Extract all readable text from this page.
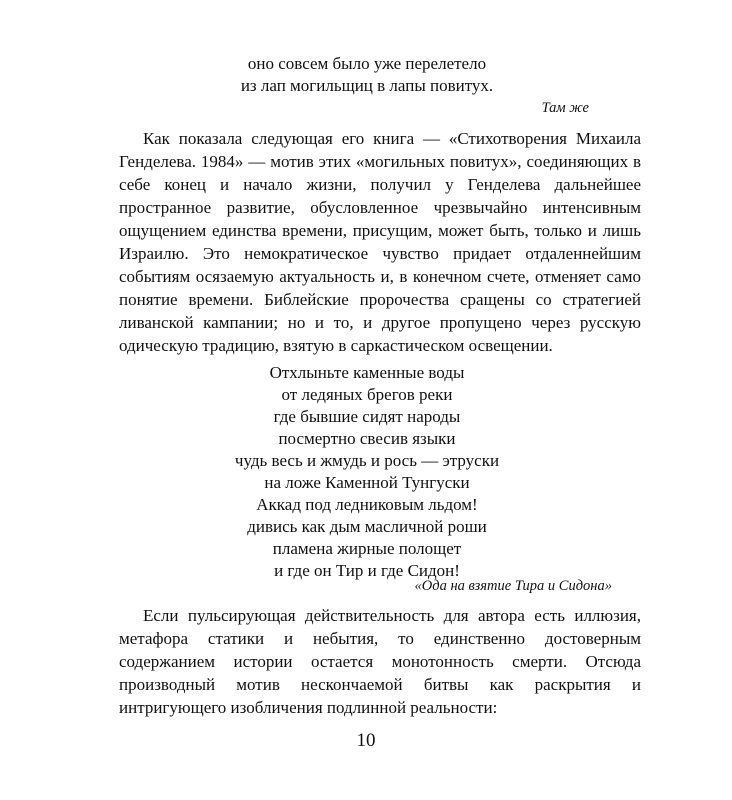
оно совсем было уже перелетело
из лап могильщиц в лапы повитух.
Там же

Как показала следующая его книга — «Стихотворения Михаила Генделева. 1984» — мотив этих «могильных повитух», соединяющих в себе конец и начало жизни, получил у Генделева дальнейшее пространное развитие, обусловленное чрезвычайно интенсивным ощущением единства времени, присущим, может быть, только и лишь Израилю. Это немократическое чувство придает отдаленнейшим событиям осязаемую актуальность и, в конечном счете, отменяет само понятие времени. Библейские пророчества сращены со стратегией ливанской кампании; но и то, и другое пропущено через русскую одическую традицию, взятую в саркастическом освещении.

Отхлыньте каменные воды
от ледяных брегов реки
где бывшие сидят народы
посмертно свесив языки
чудь весь и жмудь и рось — этруски
на ложе Каменной Тунгуски
Аккад под ледниковым льдом!
дивись как дым масличной роши
пламена жирные полощет
и где он Тир и где Сидон!
«Ода на взятие Тира и Сидона»

Если пульсирующая действительность для автора есть иллюзия, метафора статики и небытия, то единственно достоверным содержанием истории остается монотонность смерти. Отсюда производный мотив нескончаемой битвы как раскрытия и интригующего изобличения подлинной реальности:

10
